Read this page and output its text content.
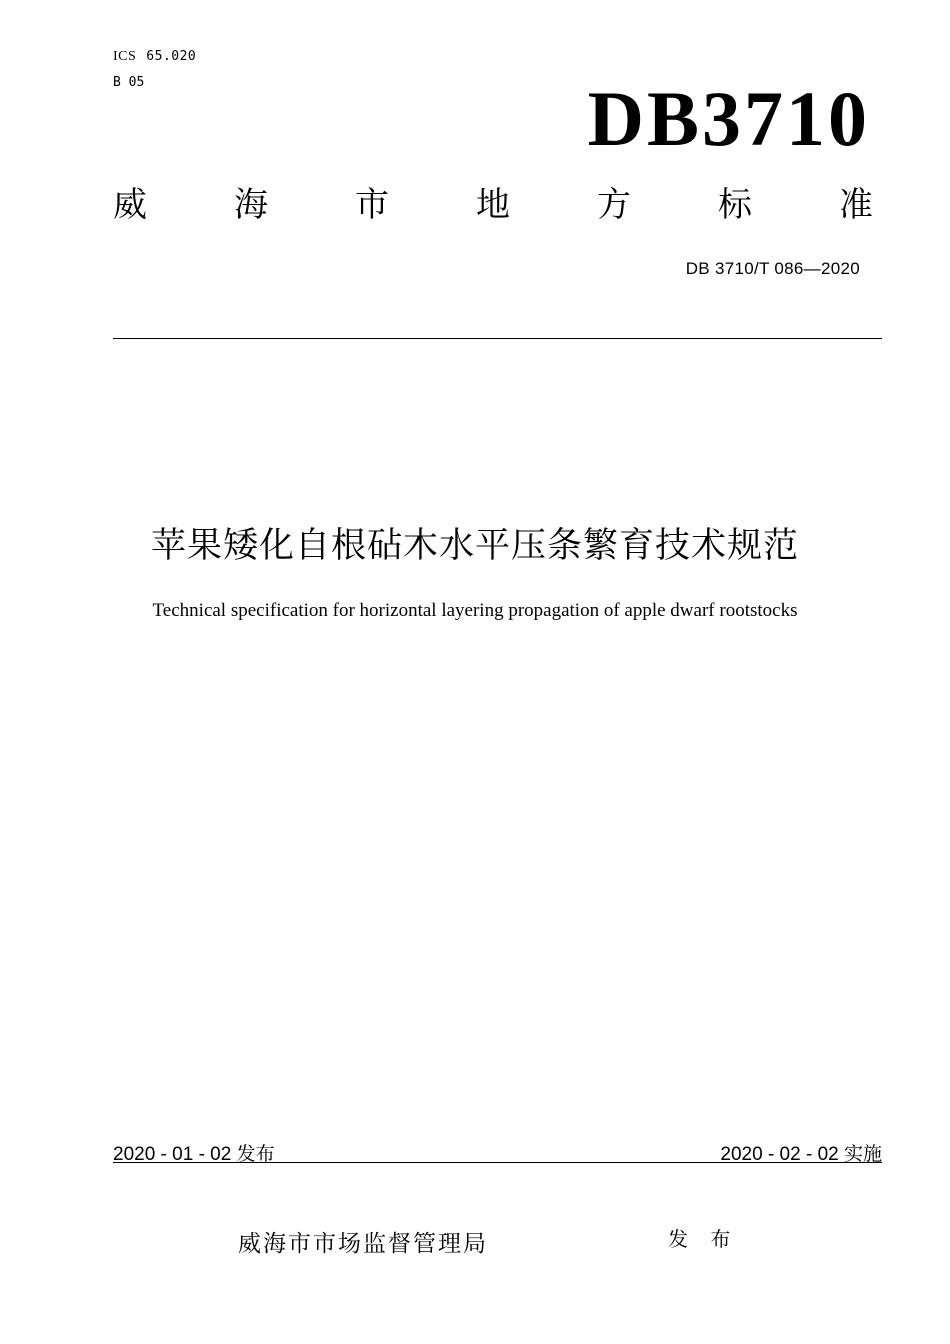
ICS 65.020
B 05	DB3710
威	海	市	地	方	标	准
DB 3710/T 086—2020
苹果矮化自根砧木水平压条繁育技术规范
Technical specification for horizontal layering propagation of apple dwarf rootstocks
2020 - 01 - 02 发布	2020 - 02 - 02 实施
威海市市场监督管理局	发 布
